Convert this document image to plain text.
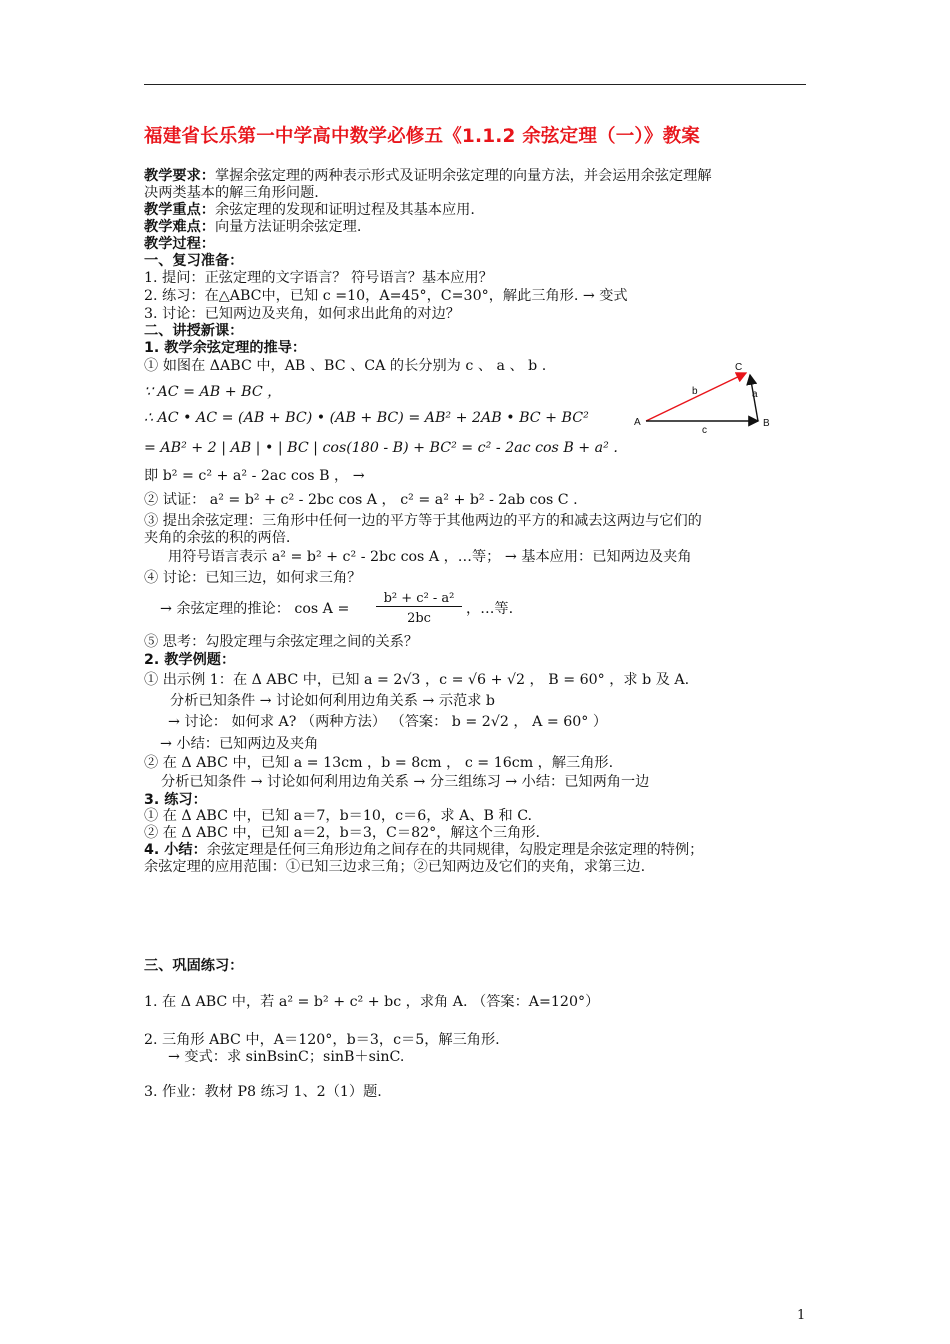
福建省长乐第一中学高中数学必修五《1.1.2 余弦定理（一）》教案
教学要求：掌握余弦定理的两种表示形式及证明余弦定理的向量方法，并会运用余弦定理解
决两类基本的解三角形问题.
教学重点：余弦定理的发现和证明过程及其基本应用.
教学难点：向量方法证明余弦定理.
教学过程：
一、复习准备：
1. 提问：正弦定理的文字语言？ 符号语言？基本应用？
2. 练习：在△ABC中，已知 c =10，A=45°，C=30°，解此三角形. → 变式
3. 讨论：已知两边及夹角，如何求出此角的对边？
二、讲授新课：
1. 教学余弦定理的推导：
① 如图在 ΔABC 中，AB 、BC 、CA 的长分别为 c 、 a 、 b .
∵ AC = AB + BC ，
∴ AC • AC = (AB + BC) • (AB + BC) = AB² + 2AB • BC + BC²
= AB² + 2 | AB | • | BC | cos(180 - B) + BC² = c² - 2ac cos B + a² .
即 b² = c² + a² - 2ac cos B ， →
② 试证： a² = b² + c² - 2bc cos A ， c² = a² + b² - 2ab cos C .
③ 提出余弦定理：三角形中任何一边的平方等于其他两边的平方的和减去这两边与它们的
夹角的余弦的积的两倍.
用符号语言表示 a² = b² + c² - 2bc cos A ，…等； → 基本应用：已知两边及夹角
④ 讨论：已知三边，如何求三角？
→ 余弦定理的推论： cos A =
b² + c² - a²
2bc
，…等.
⑤ 思考：勾股定理与余弦定理之间的关系？
2. 教学例题：
① 出示例 1：在 Δ ABC 中，已知 a = 2√3 ，c = √6 + √2 ， B = 60° ，求 b 及 A.
分析已知条件 → 讨论如何利用边角关系 → 示范求 b
→ 讨论： 如何求 A? （两种方法） （答案： b = 2√2 ， A = 60° ）
→ 小结：已知两边及夹角
② 在 Δ ABC 中，已知 a = 13cm ，b = 8cm ， c = 16cm ，解三角形.
分析已知条件 → 讨论如何利用边角关系 → 分三组练习 → 小结：已知两角一边
3. 练习：
① 在 Δ ABC 中，已知 a＝7，b＝10，c＝6，求 A、B 和 C.
② 在 Δ ABC 中，已知 a＝2，b＝3，C＝82°，解这个三角形.
4. 小结：余弦定理是任何三角形边角之间存在的共同规律，勾股定理是余弦定理的特例；
余弦定理的应用范围：①已知三边求三角；②已知两边及它们的夹角，求第三边.
三、巩固练习：
1. 在 Δ ABC 中，若 a² = b² + c² + bc ，求角 A. （答案：A=120°）
2. 三角形 ABC 中，A＝120°，b＝3，c＝5，解三角形.
→ 变式：求 sinBsinC；sinB＋sinC.
3. 作业：教材 P8 练习 1、2（1）题.
A	B
C
a
b
c
1
